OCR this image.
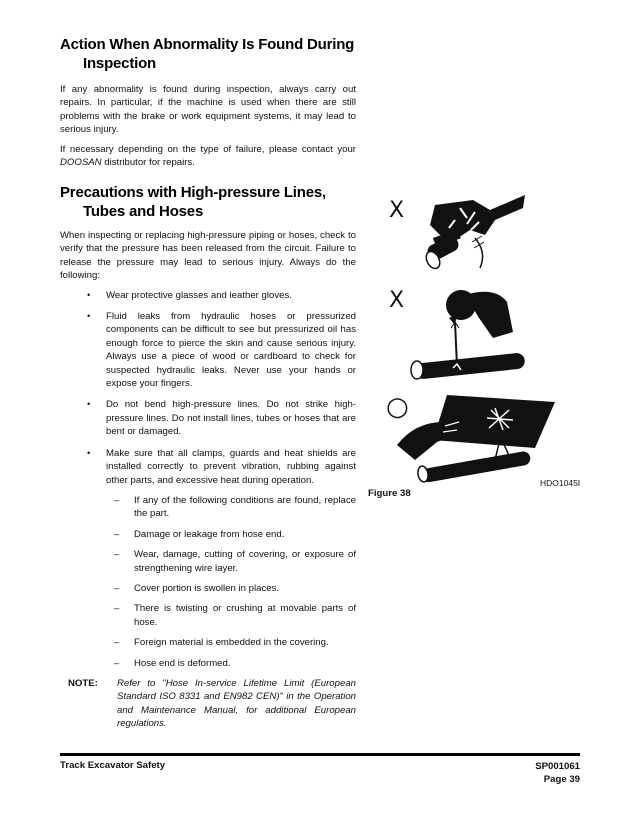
Action When Abnormality Is Found During
Inspection

If any abnormality is found during inspection, always carry out repairs. In particular, if the machine is used when there are still problems with the brake or work equipment systems, it may lead to serious injury.

If necessary depending on the type of failure, please contact your DOOSAN distributor for repairs.

Precautions with High-pressure Lines,
Tubes and Hoses

When inspecting or replacing high-pressure piping or hoses, check to verify that the pressure has been released from the circuit. Failure to release the pressure may lead to serious injury. Always do the following:

• Wear protective glasses and leather gloves.
• Fluid leaks from hydraulic hoses or pressurized components can be difficult to see but pressurized oil has enough force to pierce the skin and cause serious injury. Always use a piece of wood or cardboard to check for suspected hydraulic leaks. Never use your hands or expose your fingers.
• Do not bend high-pressure lines. Do not strike high-pressure lines. Do not install lines, tubes or hoses that are bent or damaged.
• Make sure that all clamps, guards and heat shields are installed correctly to prevent vibration, rubbing against other parts, and excessive heat during operation.
– If any of the following conditions are found, replace the part.
– Damage or leakage from hose end.
– Wear, damage, cutting of covering, or exposure of strengthening wire layer.
– Cover portion is swollen in places.
– There is twisting or crushing at movable parts of hose.
– Foreign material is embedded in the covering.
– Hose end is deformed.
NOTE:	Refer to "Hose In-service Lifetime Limit (European Standard ISO 8331 and EN982 CEN)" in the Operation and Maintenance Manual, for additional European regulations.
X
X
○
HDO1045I
Figure 38
Track Excavator Safety	SP001061
Page 39
